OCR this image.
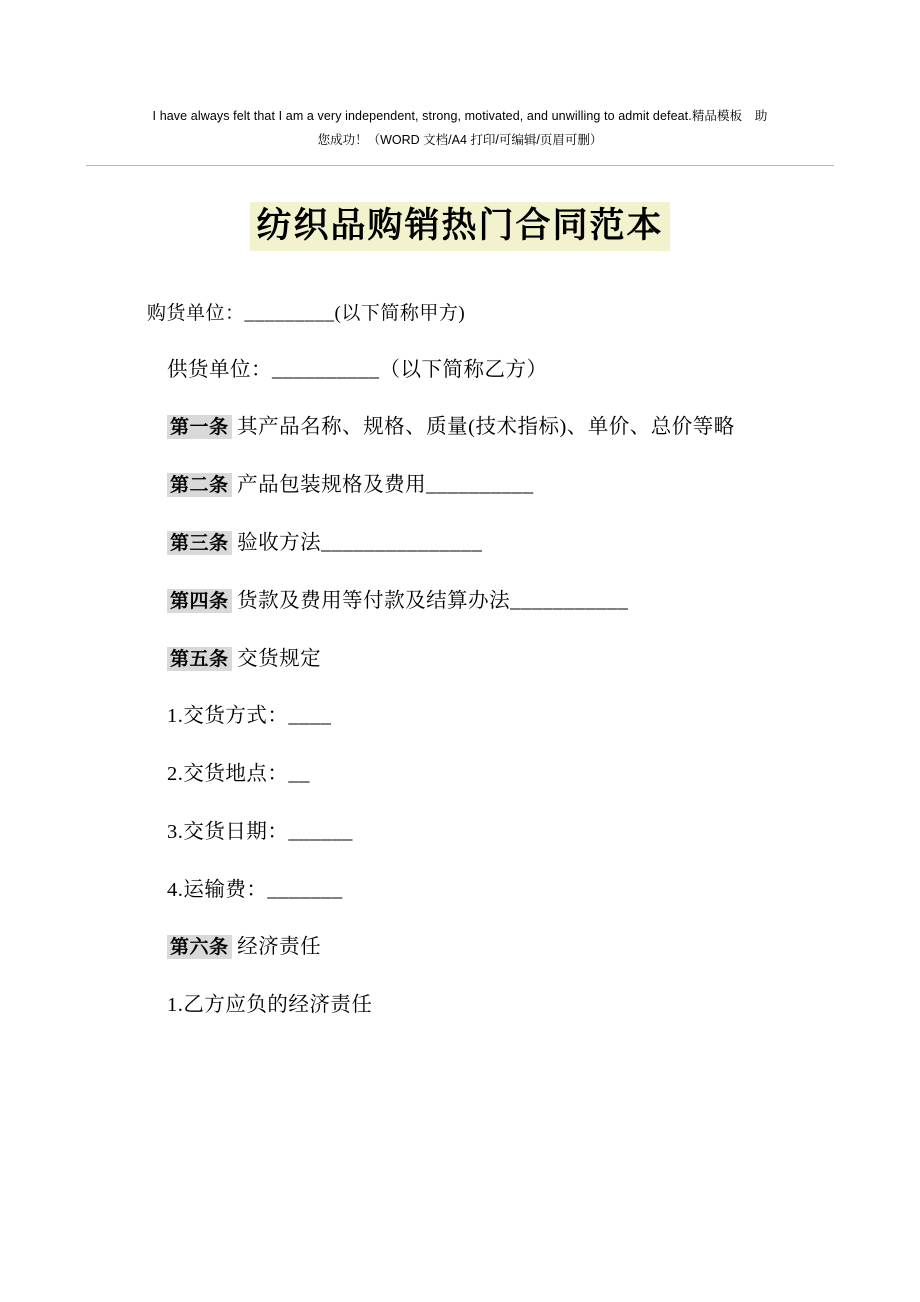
I have always felt that I am a very independent, strong, motivated, and unwilling to admit defeat.精品模板　助
您成功！（WORD 文档/A4 打印/可编辑/页眉可删）
纺织品购销热门合同范本

购货单位：_________(以下简称甲方)

供货单位：__________（以下简称乙方）

第一条 其产品名称、规格、质量(技术指标)、单价、总价等略

第二条 产品包装规格及费用__________

第三条 验收方法_______________

第四条 货款及费用等付款及结算办法___________

第五条 交货规定

1.交货方式：____

2.交货地点：__

3.交货日期：______

4.运输费：_______

第六条 经济责任

1.乙方应负的经济责任
